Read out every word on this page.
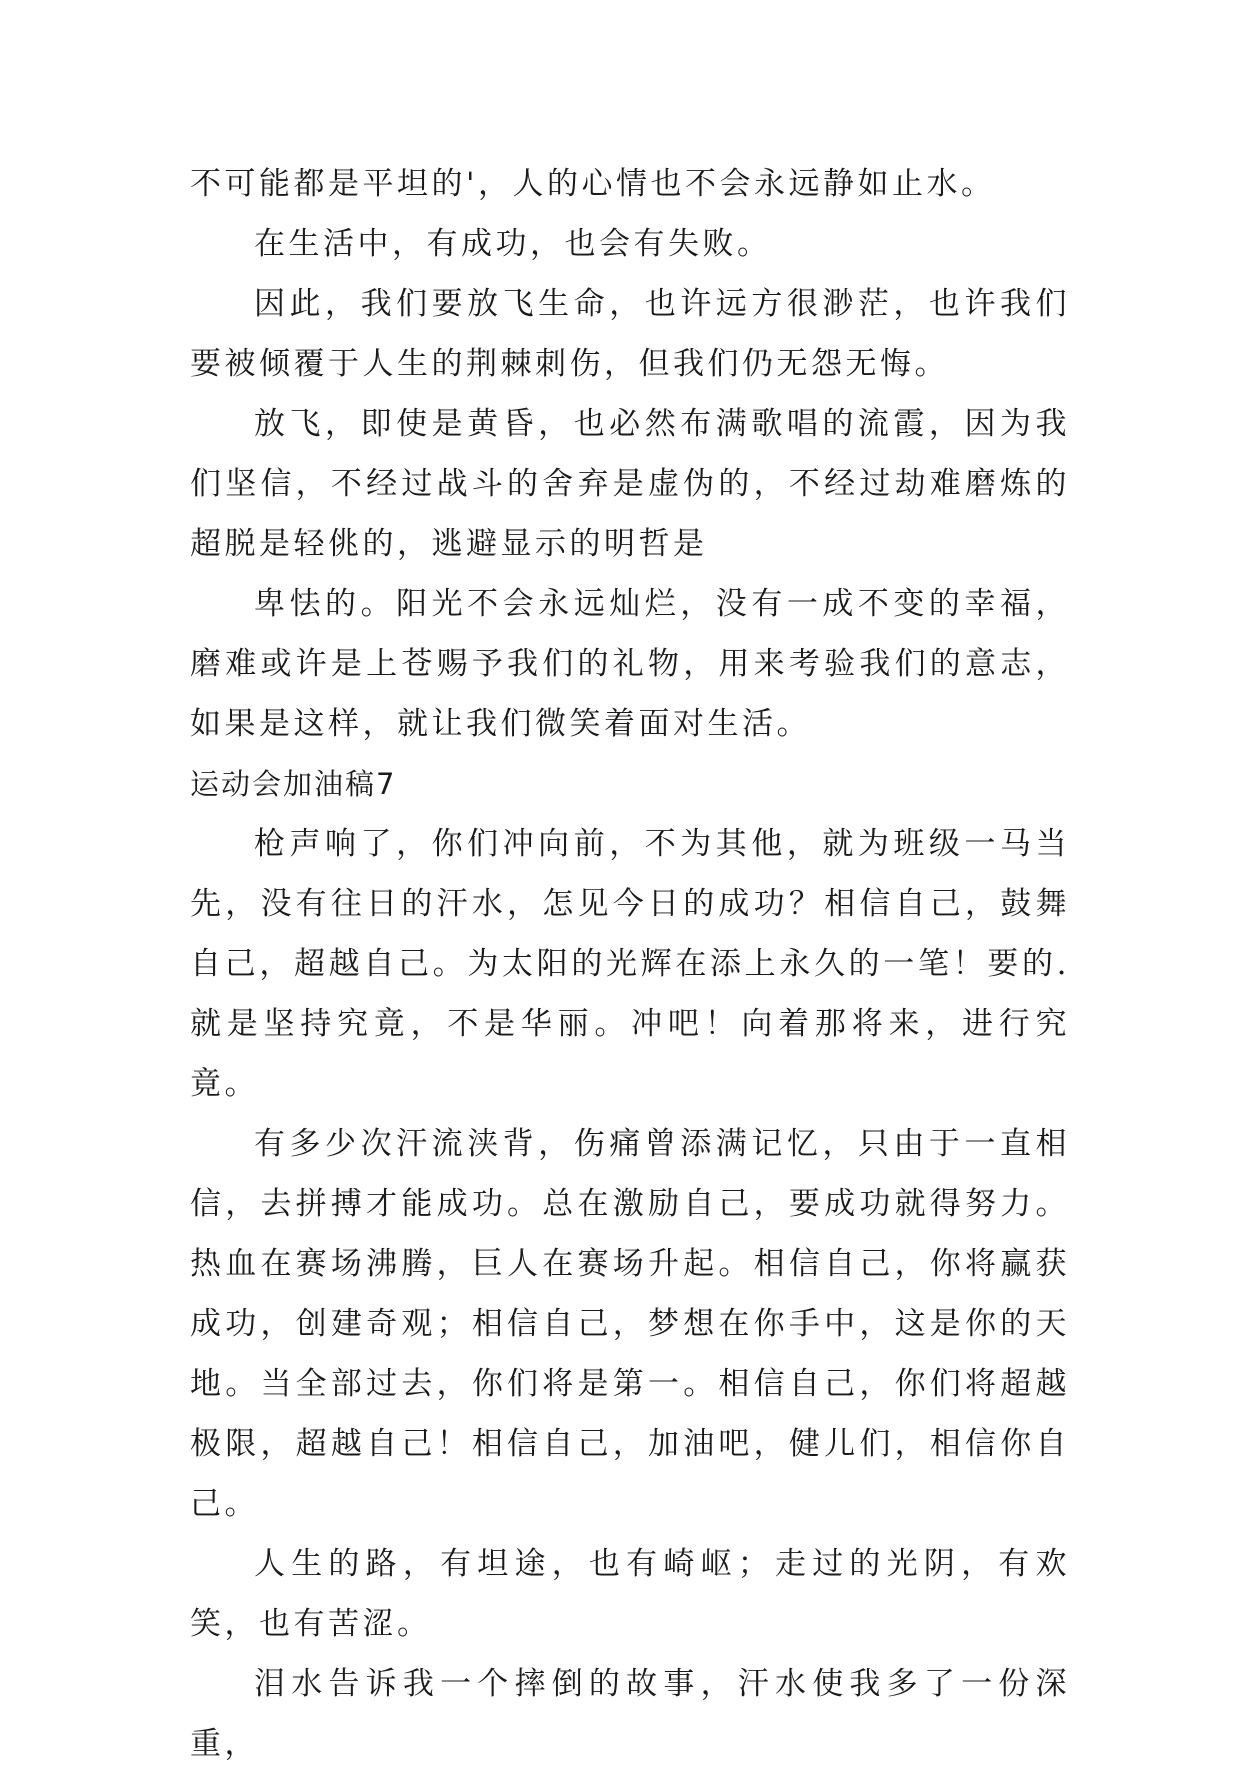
不可能都是平坦的'，人的心情也不会永远静如止水。

在生活中，有成功，也会有失败。

因此，我们要放飞生命，也许远方很渺茫，也许我们要被倾覆于人生的荆棘刺伤，但我们仍无怨无悔。

放飞，即使是黄昏，也必然布满歌唱的流霞，因为我们坚信，不经过战斗的舍弃是虚伪的，不经过劫难磨炼的超脱是轻佻的，逃避显示的明哲是

卑怯的。阳光不会永远灿烂，没有一成不变的幸福，磨难或许是上苍赐予我们的礼物，用来考验我们的意志，如果是这样，就让我们微笑着面对生活。

运动会加油稿7

枪声响了，你们冲向前，不为其他，就为班级一马当先，没有往日的汗水，怎见今日的成功？相信自己，鼓舞自己，超越自己。为太阳的光辉在添上永久的一笔！要的.就是坚持究竟，不是华丽。冲吧！向着那将来，进行究竟。

有多少次汗流浃背，伤痛曾添满记忆，只由于一直相信，去拼搏才能成功。总在激励自己，要成功就得努力。热血在赛场沸腾，巨人在赛场升起。相信自己，你将赢获成功，创建奇观；相信自己，梦想在你手中，这是你的天地。当全部过去，你们将是第一。相信自己，你们将超越极限，超越自己！相信自己，加油吧，健儿们，相信你自己。

人生的路，有坦途，也有崎岖；走过的光阴，有欢笑，也有苦涩。

泪水告诉我一个摔倒的故事，汗水使我多了一份深重，
